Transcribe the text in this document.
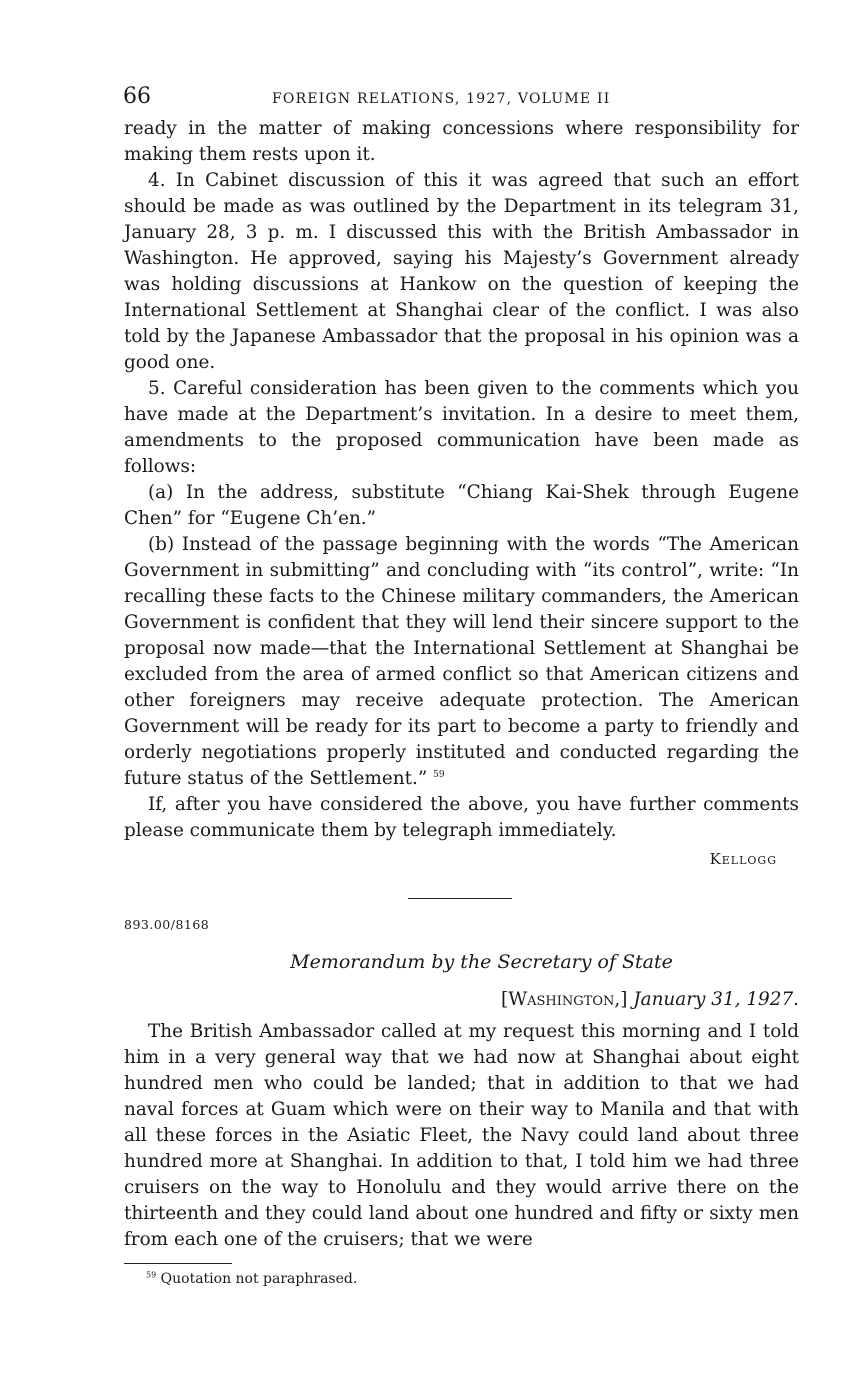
66	FOREIGN RELATIONS, 1927, VOLUME II

ready in the matter of making concessions where responsibility for making them rests upon it.

4. In Cabinet discussion of this it was agreed that such an effort should be made as was outlined by the Department in its telegram 31, January 28, 3 p. m. I discussed this with the British Ambassador in Washington. He approved, saying his Majesty’s Government already was holding discussions at Hankow on the question of keeping the International Settlement at Shanghai clear of the conflict. I was also told by the Japanese Ambassador that the proposal in his opinion was a good one.

5. Careful consideration has been given to the comments which you have made at the Department’s invitation. In a desire to meet them, amendments to the proposed communication have been made as follows:

(a) In the address, substitute “Chiang Kai-Shek through Eugene Chen” for “Eugene Ch’en.”

(b) Instead of the passage beginning with the words “The American Government in submitting” and concluding with “its control”, write: “In recalling these facts to the Chinese military commanders, the American Government is confident that they will lend their sincere support to the proposal now made—that the International Settlement at Shanghai be excluded from the area of armed conflict so that American citizens and other foreigners may receive adequate protection. The American Government will be ready for its part to become a party to friendly and orderly negotiations properly instituted and conducted regarding the future status of the Settlement.” $^{59}$

If, after you have considered the above, you have further comments please communicate them by telegraph immediately.

Kellogg
893.00/8168
Memorandum by the Secretary of State
[Washington,] January 31, 1927.

The British Ambassador called at my request this morning and I told him in a very general way that we had now at Shanghai about eight hundred men who could be landed; that in addition to that we had naval forces at Guam which were on their way to Manila and that with all these forces in the Asiatic Fleet, the Navy could land about three hundred more at Shanghai. In addition to that, I told him we had three cruisers on the way to Honolulu and they would arrive there on the thirteenth and they could land about one hundred and fifty or sixty men from each one of the cruisers; that we were

$^{59}$ Quotation not paraphrased.
